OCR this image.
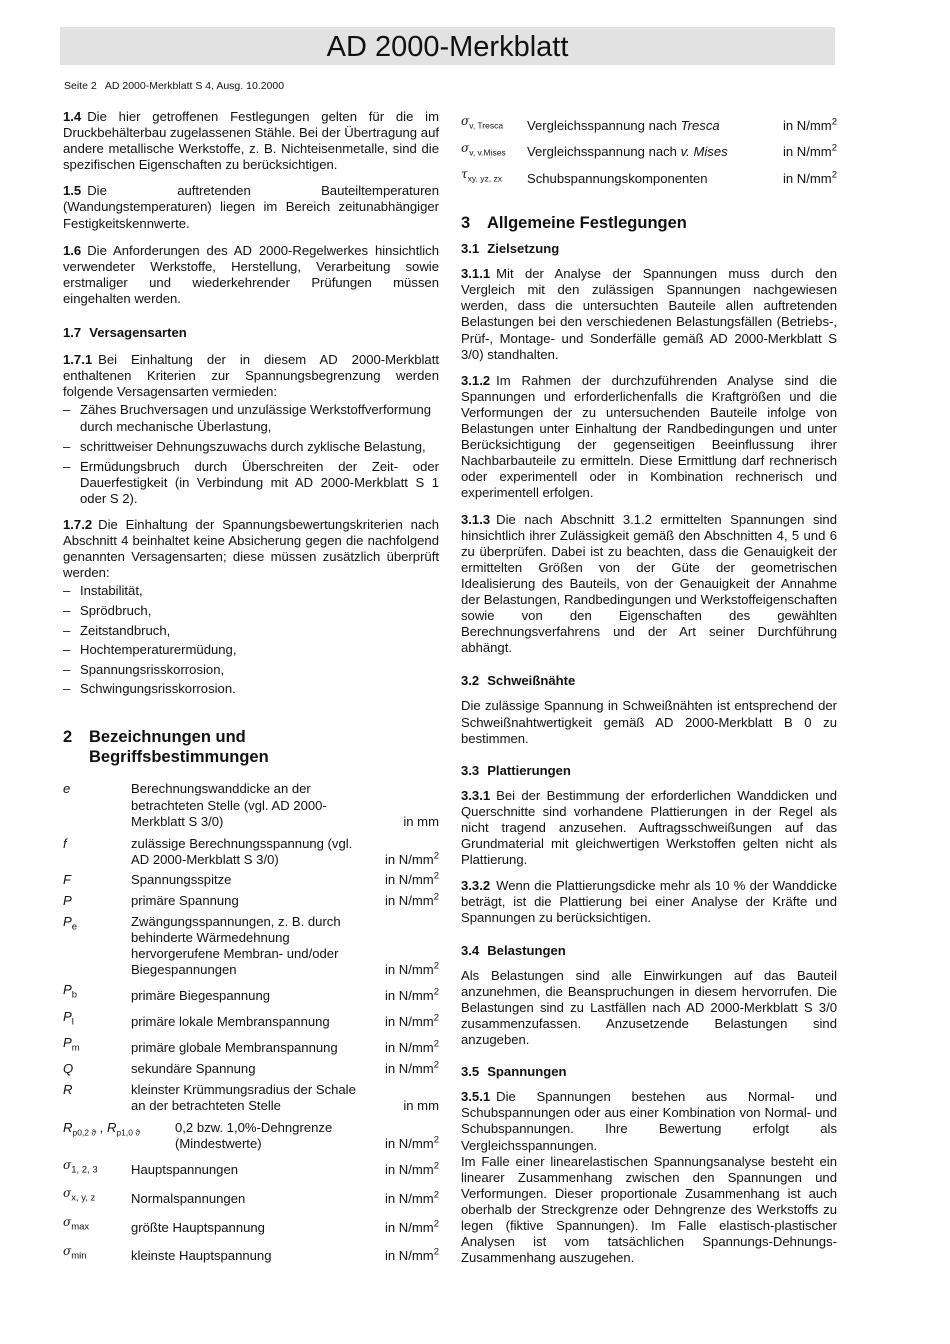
AD 2000-Merkblatt
Seite 2   AD 2000-Merkblatt S 4, Ausg. 10.2000

1.4 Die hier getroffenen Festlegungen gelten für die im Druckbehälterbau zugelassenen Stähle. Bei der Übertragung auf andere metallische Werkstoffe, z. B. Nichteisenmetalle, sind die spezifischen Eigenschaften zu berücksichtigen.

1.5 Die auftretenden Bauteiltemperaturen (Wandungstemperaturen) liegen im Bereich zeitunabhängiger Festigkeitskennwerte.

1.6 Die Anforderungen des AD 2000-Regelwerkes hinsichtlich verwendeter Werkstoffe, Herstellung, Verarbeitung sowie erstmaliger und wiederkehrender Prüfungen müssen eingehalten werden.

1.7 Versagensarten

1.7.1 Bei Einhaltung der in diesem AD 2000-Merkblatt enthaltenen Kriterien zur Spannungsbegrenzung werden folgende Versagensarten vermieden:

– Zähes Bruchversagen und unzulässige Werkstoffverformung durch mechanische Überlastung,
– schrittweiser Dehnungszuwachs durch zyklische Belastung,
– Ermüdungsbruch durch Überschreiten der Zeit- oder Dauerfestigkeit (in Verbindung mit AD 2000-Merkblatt S 1 oder S 2).

1.7.2 Die Einhaltung der Spannungsbewertungskriterien nach Abschnitt 4 beinhaltet keine Absicherung gegen die nachfolgend genannten Versagensarten; diese müssen zusätzlich überprüft werden:

– Instabilität,
– Sprödbruch,
– Zeitstandbruch,
– Hochtemperaturermüdung,
– Spannungsrisskorrosion,
– Schwingungsrisskorrosion.
2	Bezeichnungen und Begriffsbestimmungen
e	Berechnungswanddicke an der betrachteten Stelle (vgl. AD 2000-Merkblatt S 3/0)	in mm
f	zulässige Berechnungsspannung (vgl. AD 2000-Merkblatt S 3/0)	in $N/mm^2$
F	Spannungsspitze	in $N/mm^2$
P	primäre Spannung	in $N/mm^2$
$P_e$	Zwängungsspannungen, z. B. durch behinderte Wärmedehnung hervorgerufene Membran- und/oder Biegespannungen	in $N/mm^2$
$P_b$	primäre Biegespannung	in $N/mm^2$
$P_l$	primäre lokale Membranspannung	in $N/mm^2$
$P_m$	primäre globale Membranspannung	in $N/mm^2$
Q	sekundäre Spannung	in $N/mm^2$
R	kleinster Krümmungsradius der Schale an der betrachteten Stelle	in mm
$R_{p0,2 ϑ}$ , $R_{p1,0 ϑ}$	0,2 bzw. 1,0%-Dehngrenze (Mindestwerte)	in $N/mm^2$
$\sigma_{1, 2, 3}$	Hauptspannungen	in $N/mm^2$
$\sigma_{x, y, z}$	Normalspannungen	in $N/mm^2$
$\sigma_{max}$	größte Hauptspannung	in $N/mm^2$
$\sigma_{min}$	kleinste Hauptspannung	in $N/mm^2$
$\sigma_{v, Tresca}$	Vergleichsspannung nach Tresca	in $N/mm^2$
$\sigma_{v, v.Mises}$	Vergleichsspannung nach v. Mises	in $N/mm^2$
$\tau_{xy, yz, zx}$	Schubspannungskomponenten	in $N/mm^2$
3	Allgemeine Festlegungen
3.1 Zielsetzung

3.1.1 Mit der Analyse der Spannungen muss durch den Vergleich mit den zulässigen Spannungen nachgewiesen werden, dass die untersuchten Bauteile allen auftretenden Belastungen bei den verschiedenen Belastungsfällen (Betriebs-, Prüf-, Montage- und Sonderfälle gemäß AD 2000-Merkblatt S 3/0) standhalten.

3.1.2 Im Rahmen der durchzuführenden Analyse sind die Spannungen und erforderlichenfalls die Kraftgrößen und die Verformungen der zu untersuchenden Bauteile infolge von Belastungen unter Einhaltung der Randbedingungen und unter Berücksichtigung der gegenseitigen Beeinflussung ihrer Nachbarbauteile zu ermitteln. Diese Ermittlung darf rechnerisch oder experimentell oder in Kombination rechnerisch und experimentell erfolgen.

3.1.3 Die nach Abschnitt 3.1.2 ermittelten Spannungen sind hinsichtlich ihrer Zulässigkeit gemäß den Abschnitten 4, 5 und 6 zu überprüfen. Dabei ist zu beachten, dass die Genauigkeit der ermittelten Größen von der Güte der geometrischen Idealisierung des Bauteils, von der Genauigkeit der Annahme der Belastungen, Randbedingungen und Werkstoffeigenschaften sowie von den Eigenschaften des gewählten Berechnungsverfahrens und der Art seiner Durchführung abhängt.

3.2 Schweißnähte

Die zulässige Spannung in Schweißnähten ist entsprechend der Schweißnahtwertigkeit gemäß AD 2000-Merkblatt B 0 zu bestimmen.

3.3 Plattierungen

3.3.1 Bei der Bestimmung der erforderlichen Wanddicken und Querschnitte sind vorhandene Plattierungen in der Regel als nicht tragend anzusehen. Auftragsschweißungen auf das Grundmaterial mit gleichwertigen Werkstoffen gelten nicht als Plattierung.

3.3.2 Wenn die Plattierungsdicke mehr als 10 % der Wanddicke beträgt, ist die Plattierung bei einer Analyse der Kräfte und Spannungen zu berücksichtigen.

3.4 Belastungen

Als Belastungen sind alle Einwirkungen auf das Bauteil anzunehmen, die Beanspruchungen in diesem hervorrufen. Die Belastungen sind zu Lastfällen nach AD 2000-Merkblatt S 3/0 zusammenzufassen. Anzusetzende Belastungen sind anzugeben.

3.5 Spannungen

3.5.1 Die Spannungen bestehen aus Normal- und Schubspannungen oder aus einer Kombination von Normal- und Schubspannungen. Ihre Bewertung erfolgt als Vergleichsspannungen.

Im Falle einer linearelastischen Spannungsanalyse besteht ein linearer Zusammenhang zwischen den Spannungen und Verformungen. Dieser proportionale Zusammenhang ist auch oberhalb der Streckgrenze oder Dehngrenze des Werkstoffs zu legen (fiktive Spannungen). Im Falle elastisch-plastischer Analysen ist vom tatsächlichen Spannungs-Dehnungs-Zusammenhang auszugehen.
